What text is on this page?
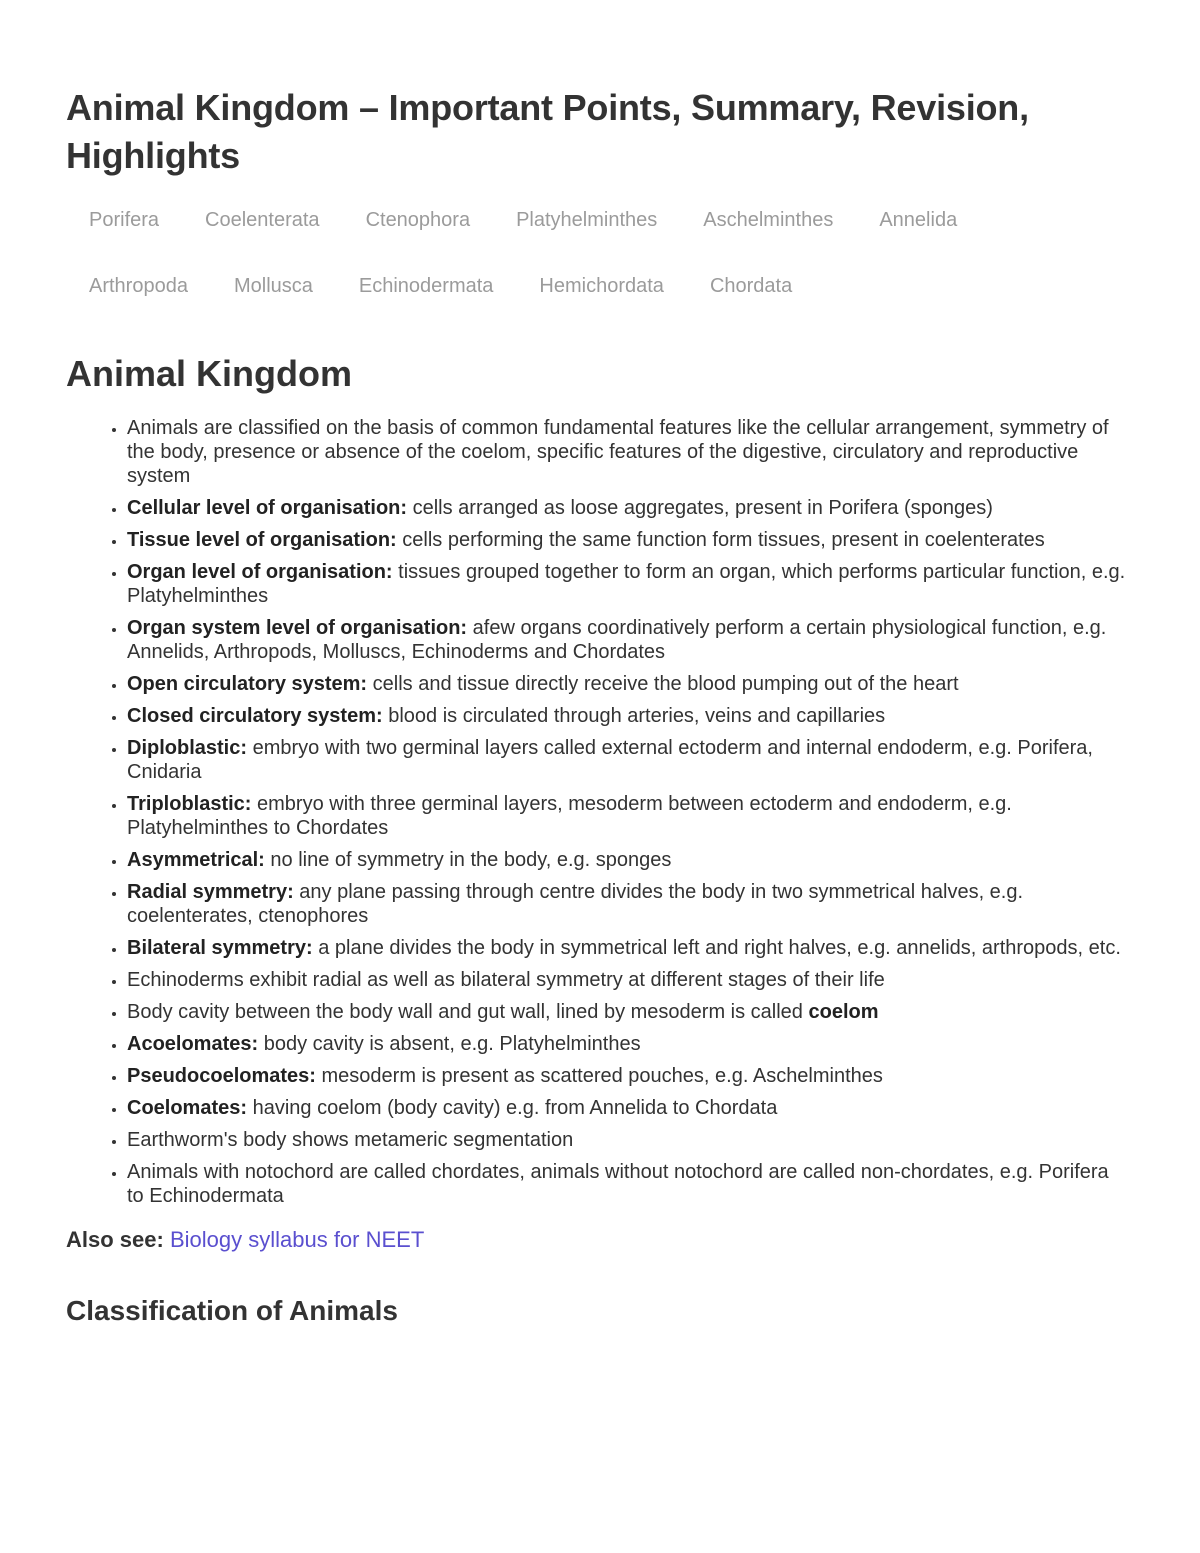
Animal Kingdom – Important Points, Summary, Revision, Highlights
Porifera	Coelenterata	Ctenophora	Platyhelminthes	Aschelminthes	Annelida
Arthropoda	Mollusca	Echinodermata	Hemichordata	Chordata
Animal Kingdom
• Animals are classified on the basis of common fundamental features like the cellular arrangement, symmetry of the body, presence or absence of the coelom, specific features of the digestive, circulatory and reproductive system
• Cellular level of organisation: cells arranged as loose aggregates, present in Porifera (sponges)
• Tissue level of organisation: cells performing the same function form tissues, present in coelenterates
• Organ level of organisation: tissues grouped together to form an organ, which performs particular function, e.g. Platyhelminthes
• Organ system level of organisation: afew organs coordinatively perform a certain physiological function, e.g. Annelids, Arthropods, Molluscs, Echinoderms and Chordates
• Open circulatory system: cells and tissue directly receive the blood pumping out of the heart
• Closed circulatory system: blood is circulated through arteries, veins and capillaries
• Diploblastic: embryo with two germinal layers called external ectoderm and internal endoderm, e.g. Porifera, Cnidaria
• Triploblastic: embryo with three germinal layers, mesoderm between ectoderm and endoderm, e.g. Platyhelminthes to Chordates
• Asymmetrical: no line of symmetry in the body, e.g. sponges
• Radial symmetry: any plane passing through centre divides the body in two symmetrical halves, e.g. coelenterates, ctenophores
• Bilateral symmetry: a plane divides the body in symmetrical left and right halves, e.g. annelids, arthropods, etc.
• Echinoderms exhibit radial as well as bilateral symmetry at different stages of their life
• Body cavity between the body wall and gut wall, lined by mesoderm is called coelom
• Acoelomates: body cavity is absent, e.g. Platyhelminthes
• Pseudocoelomates: mesoderm is present as scattered pouches, e.g. Aschelminthes
• Coelomates: having coelom (body cavity) e.g. from Annelida to Chordata
• Earthworm's body shows metameric segmentation
• Animals with notochord are called chordates, animals without notochord are called non-chordates, e.g. Porifera to Echinodermata
Also see: Biology syllabus for NEET
Classification of Animals
